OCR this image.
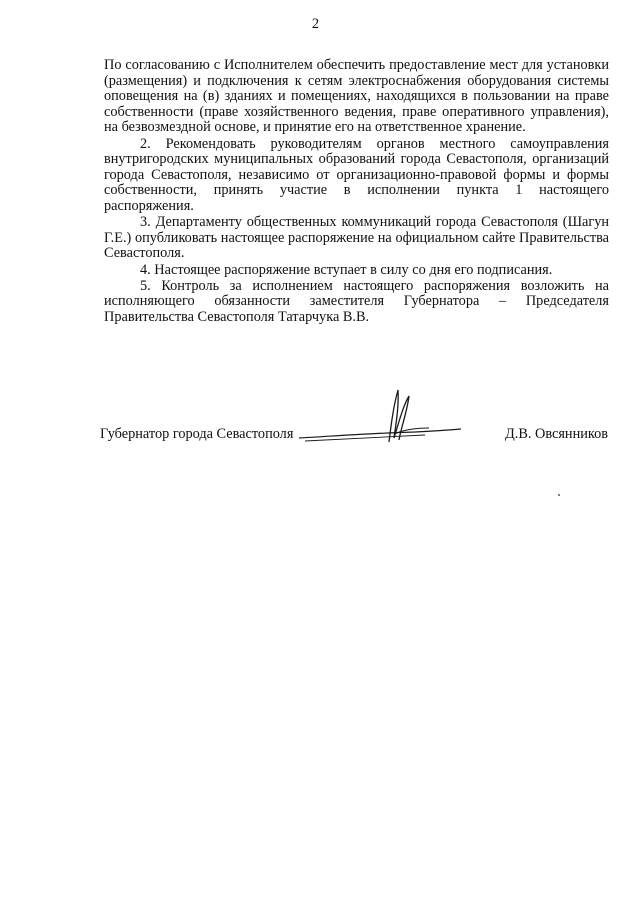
2

По согласованию с Исполнителем обеспечить предоставление мест для установки (размещения) и подключения к сетям электроснабжения оборудования системы оповещения на (в) зданиях и помещениях, находящихся в пользовании на праве собственности (праве хозяйственного ведения, праве оперативного управления), на безвозмездной основе, и принятие его на ответственное хранение.

2. Рекомендовать руководителям органов местного самоуправления внутригородских муниципальных образований города Севастополя, организаций города Севастополя, независимо от организационно-правовой формы и формы собственности, принять участие в исполнении пункта 1 настоящего распоряжения.

3. Департаменту общественных коммуникаций города Севастополя (Шагун Г.Е.) опубликовать настоящее распоряжение на официальном сайте Правительства Севастополя.

4. Настоящее распоряжение вступает в силу со дня его подписания.

5. Контроль за исполнением настоящего распоряжения возложить на исполняющего обязанности заместителя Губернатора – Председателя Правительства Севастополя Татарчука В.В.

Губернатор города Севастополя	Д.В. Овсянников
